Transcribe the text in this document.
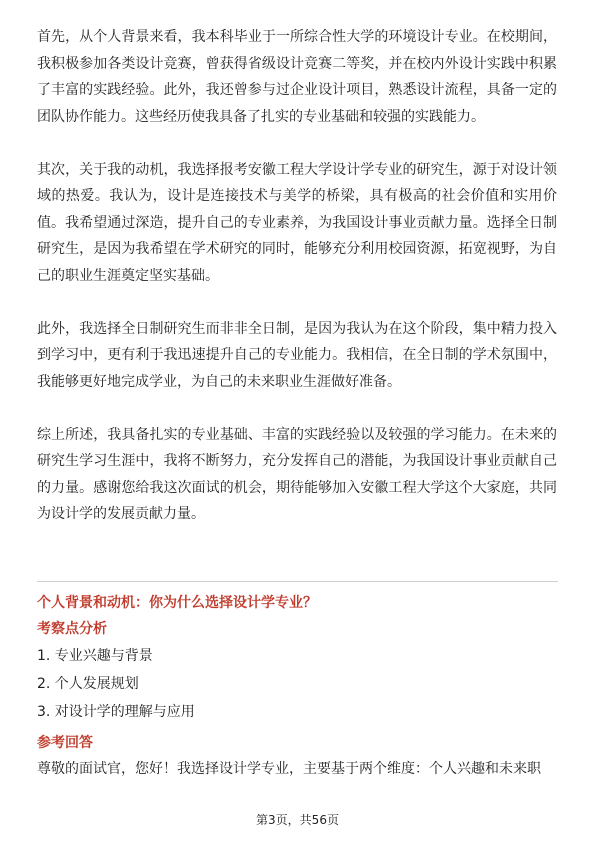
首先，从个人背景来看，我本科毕业于一所综合性大学的环境设计专业。在校期间，我积极参加各类设计竞赛，曾获得省级设计竞赛二等奖，并在校内外设计实践中积累了丰富的实践经验。此外，我还曾参与过企业设计项目，熟悉设计流程，具备一定的团队协作能力。这些经历使我具备了扎实的专业基础和较强的实践能力。

其次，关于我的动机，我选择报考安徽工程大学设计学专业的研究生，源于对设计领域的热爱。我认为，设计是连接技术与美学的桥梁，具有极高的社会价值和实用价值。我希望通过深造，提升自己的专业素养，为我国设计事业贡献力量。选择全日制研究生，是因为我希望在学术研究的同时，能够充分利用校园资源，拓宽视野，为自己的职业生涯奠定坚实基础。

此外，我选择全日制研究生而非非全日制，是因为我认为在这个阶段，集中精力投入到学习中，更有利于我迅速提升自己的专业能力。我相信，在全日制的学术氛围中，我能够更好地完成学业，为自己的未来职业生涯做好准备。

综上所述，我具备扎实的专业基础、丰富的实践经验以及较强的学习能力。在未来的研究生学习生涯中，我将不断努力，充分发挥自己的潜能，为我国设计事业贡献自己的力量。感谢您给我这次面试的机会，期待能够加入安徽工程大学这个大家庭，共同为设计学的发展贡献力量。

个人背景和动机：你为什么选择设计学专业？

考察点分析

1. 专业兴趣与背景
2. 个人发展规划
3. 对设计学的理解与应用

参考回答

尊敬的面试官，您好！我选择设计学专业，主要基于两个维度：个人兴趣和未来职

第3页，共56页
